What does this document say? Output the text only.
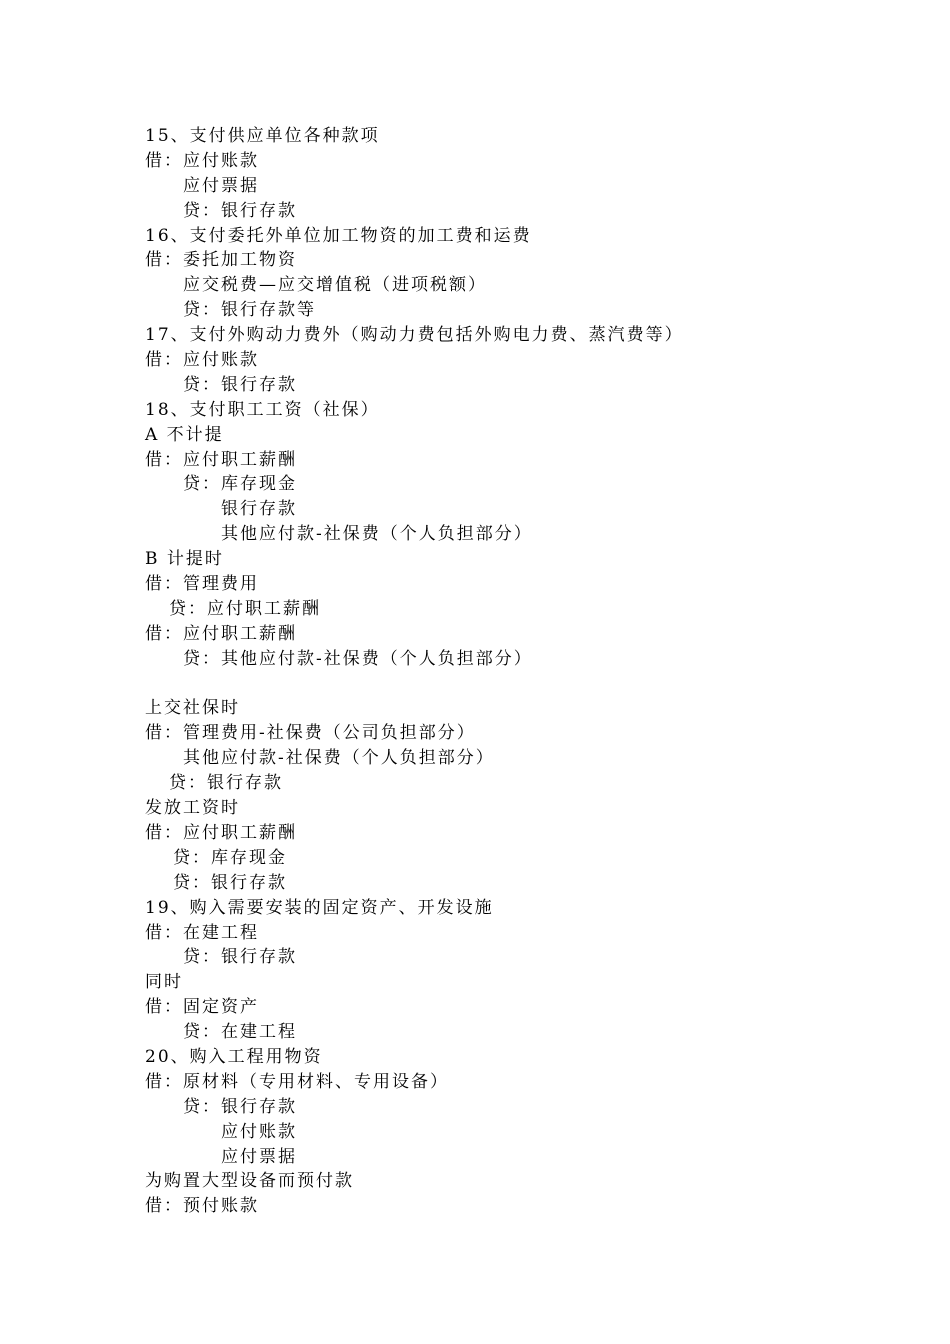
15、支付供应单位各种款项
借：应付账款
应付票据
贷：银行存款
16、支付委托外单位加工物资的加工费和运费
借：委托加工物资
应交税费—应交增值税（进项税额）
贷：银行存款等
17、支付外购动力费外（购动力费包括外购电力费、蒸汽费等）
借：应付账款
贷：银行存款
18、支付职工工资（社保）
A 不计提
借：应付职工薪酬
贷：库存现金
银行存款
其他应付款-社保费（个人负担部分）
B 计提时
借：管理费用
贷：应付职工薪酬
借：应付职工薪酬
贷：其他应付款-社保费（个人负担部分）
上交社保时
借：管理费用-社保费（公司负担部分）
其他应付款-社保费（个人负担部分）
贷：银行存款
发放工资时
借：应付职工薪酬
贷：库存现金
贷：银行存款
19、购入需要安装的固定资产、开发设施
借：在建工程
贷：银行存款
同时
借：固定资产
贷：在建工程
20、购入工程用物资
借：原材料（专用材料、专用设备）
贷：银行存款
应付账款
应付票据
为购置大型设备而预付款
借：预付账款
